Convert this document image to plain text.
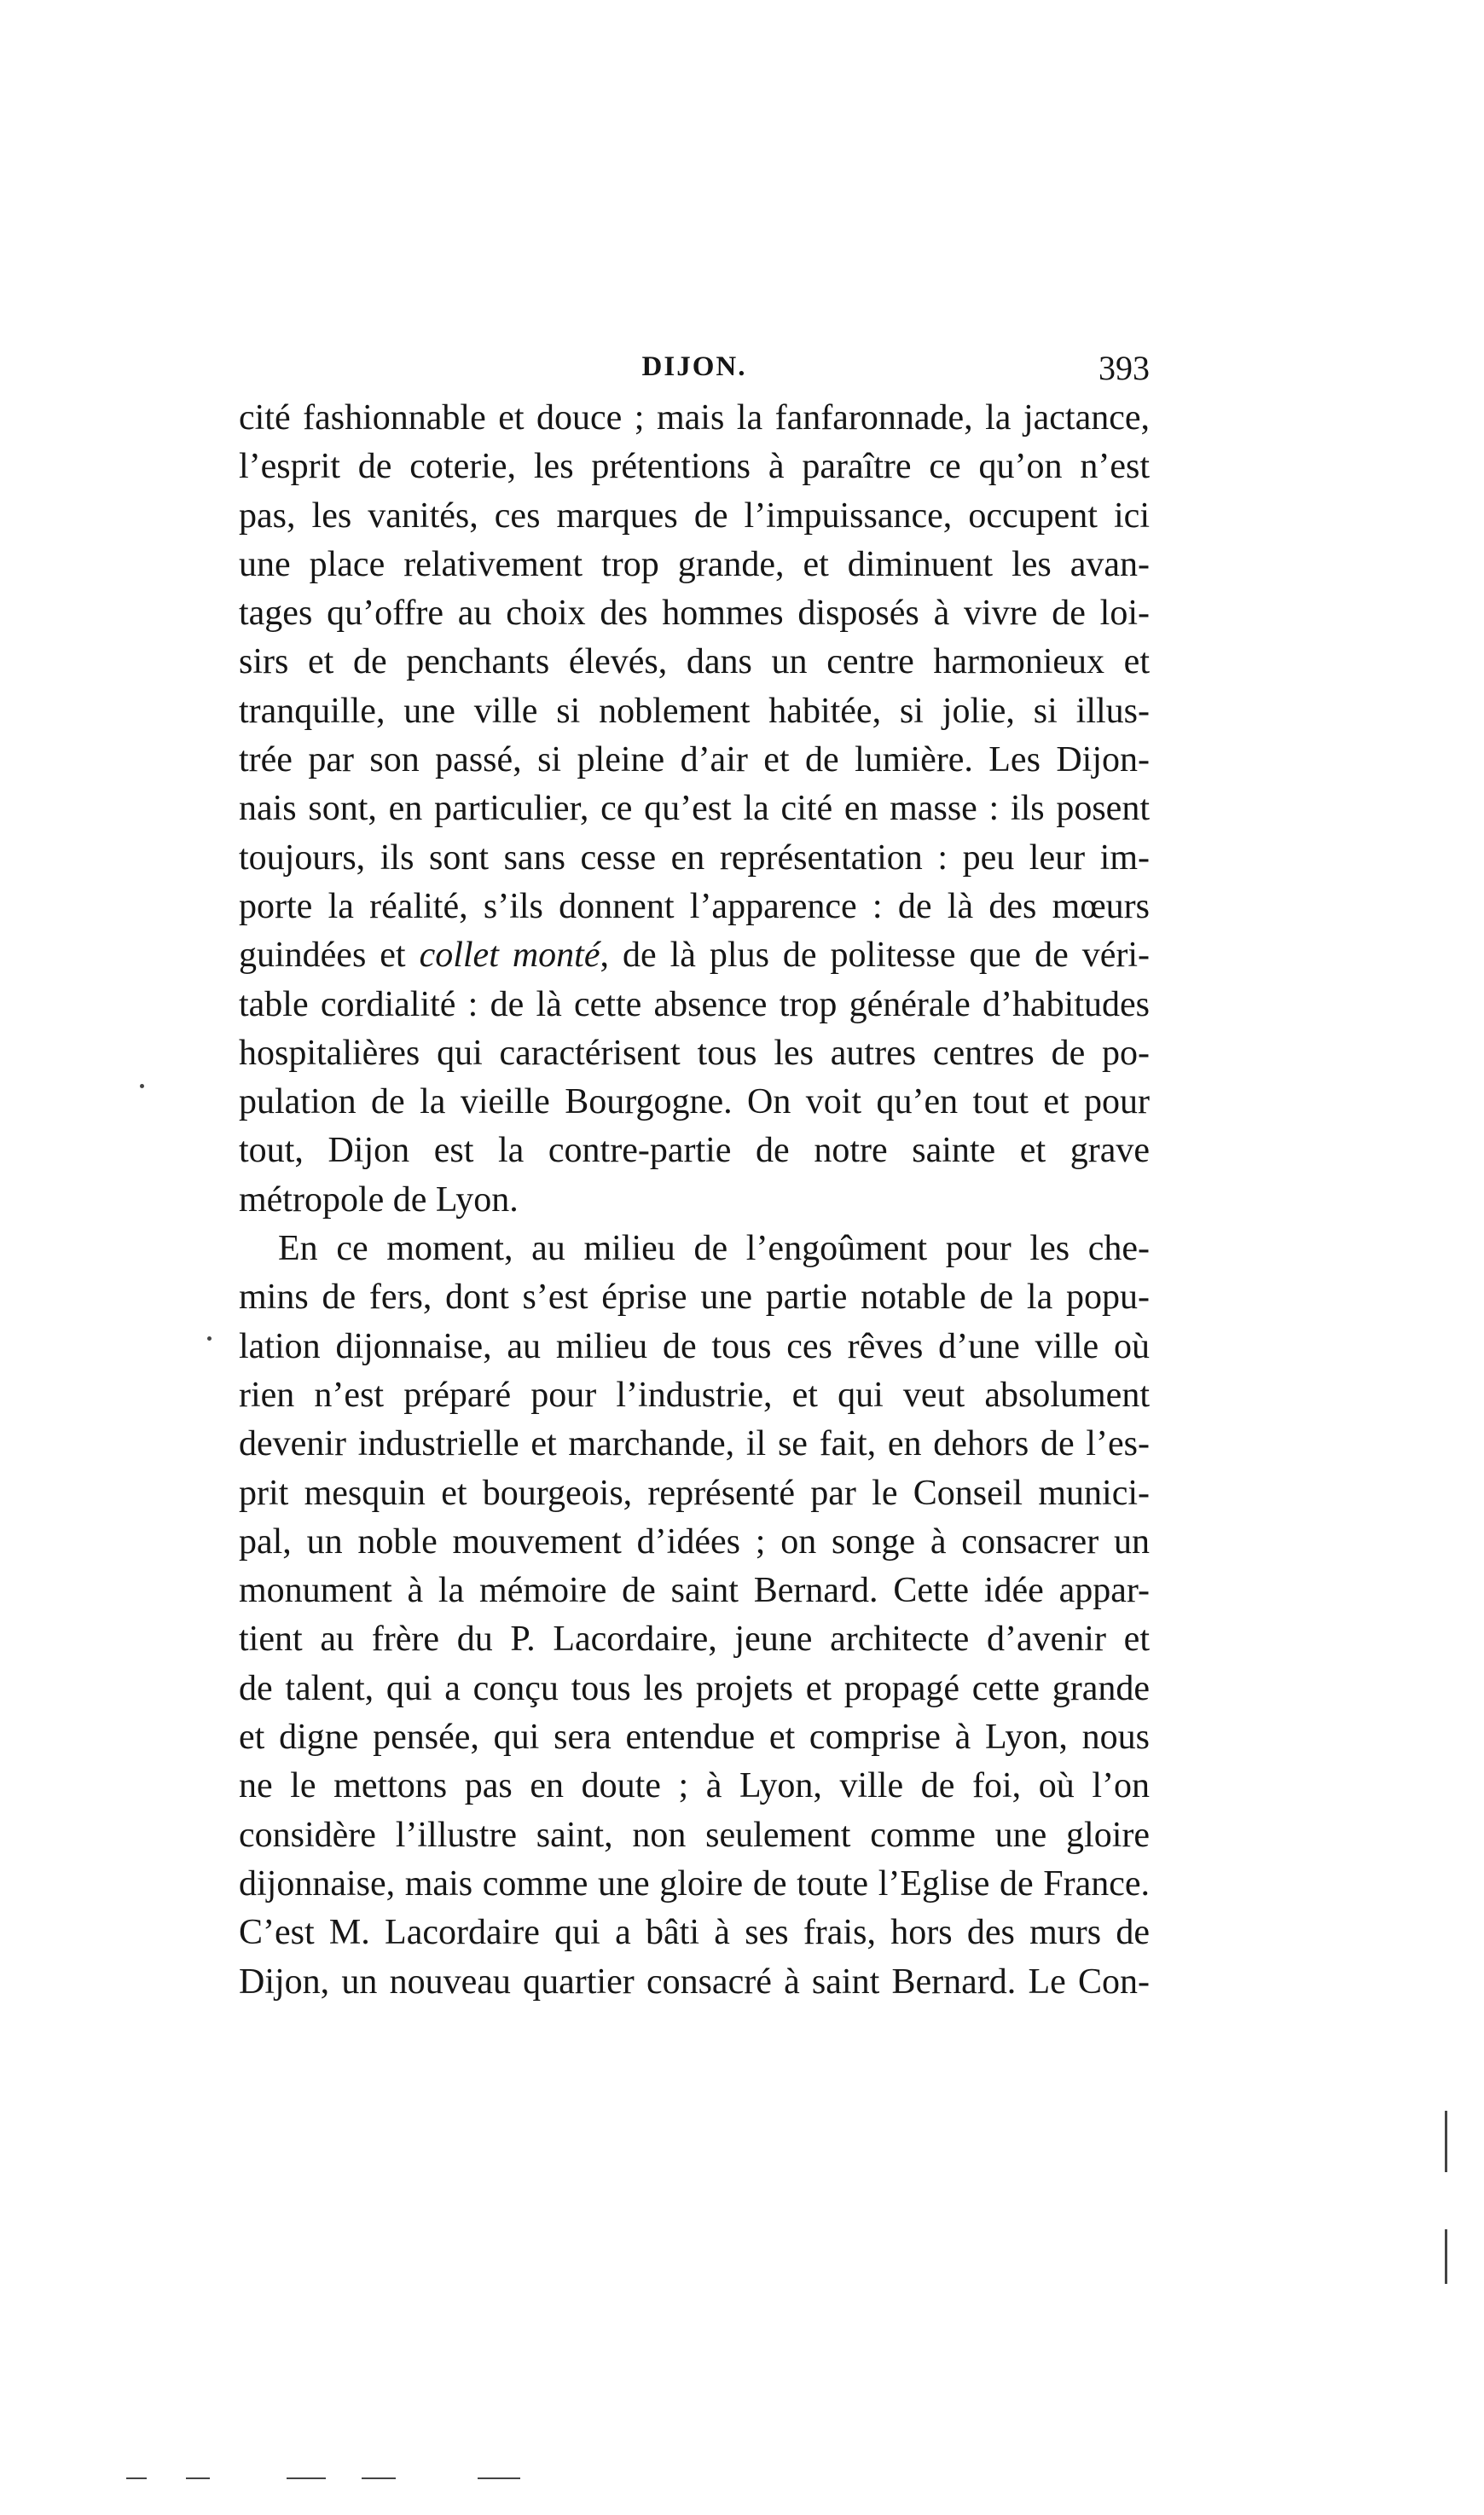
DIJON.	393
cité fashionnable et douce ; mais la fanfaronnade, la jactance,
l’esprit de coterie, les prétentions à paraître ce qu’on n’est
pas, les vanités, ces marques de l’impuissance, occupent ici
une place relativement trop grande, et diminuent les avan-
tages qu’offre au choix des hommes disposés à vivre de loi-
sirs et de penchants élevés, dans un centre harmonieux et
tranquille, une ville si noblement habitée, si jolie, si illus-
trée par son passé, si pleine d’air et de lumière. Les Dijon-
nais sont, en particulier, ce qu’est la cité en masse : ils posent
toujours, ils sont sans cesse en représentation : peu leur im-
porte la réalité, s’ils donnent l’apparence : de là des mœurs
guindées et collet monté, de là plus de politesse que de véri-
table cordialité : de là cette absence trop générale d’habitudes
hospitalières qui caractérisent tous les autres centres de po-
pulation de la vieille Bourgogne. On voit qu’en tout et pour
tout, Dijon est la contre-partie de notre sainte et grave
métropole de Lyon.
En ce moment, au milieu de l’engoûment pour les che-
mins de fers, dont s’est éprise une partie notable de la popu-
lation dijonnaise, au milieu de tous ces rêves d’une ville où
rien n’est préparé pour l’industrie, et qui veut absolument
devenir industrielle et marchande, il se fait, en dehors de l’es-
prit mesquin et bourgeois, représenté par le Conseil munici-
pal, un noble mouvement d’idées ; on songe à consacrer un
monument à la mémoire de saint Bernard. Cette idée appar-
tient au frère du P. Lacordaire, jeune architecte d’avenir et
de talent, qui a conçu tous les projets et propagé cette grande
et digne pensée, qui sera entendue et comprise à Lyon, nous
ne le mettons pas en doute ; à Lyon, ville de foi, où l’on
considère l’illustre saint, non seulement comme une gloire
dijonnaise, mais comme une gloire de toute l’Eglise de France.
C’est M. Lacordaire qui a bâti à ses frais, hors des murs de
Dijon, un nouveau quartier consacré à saint Bernard. Le Con-
